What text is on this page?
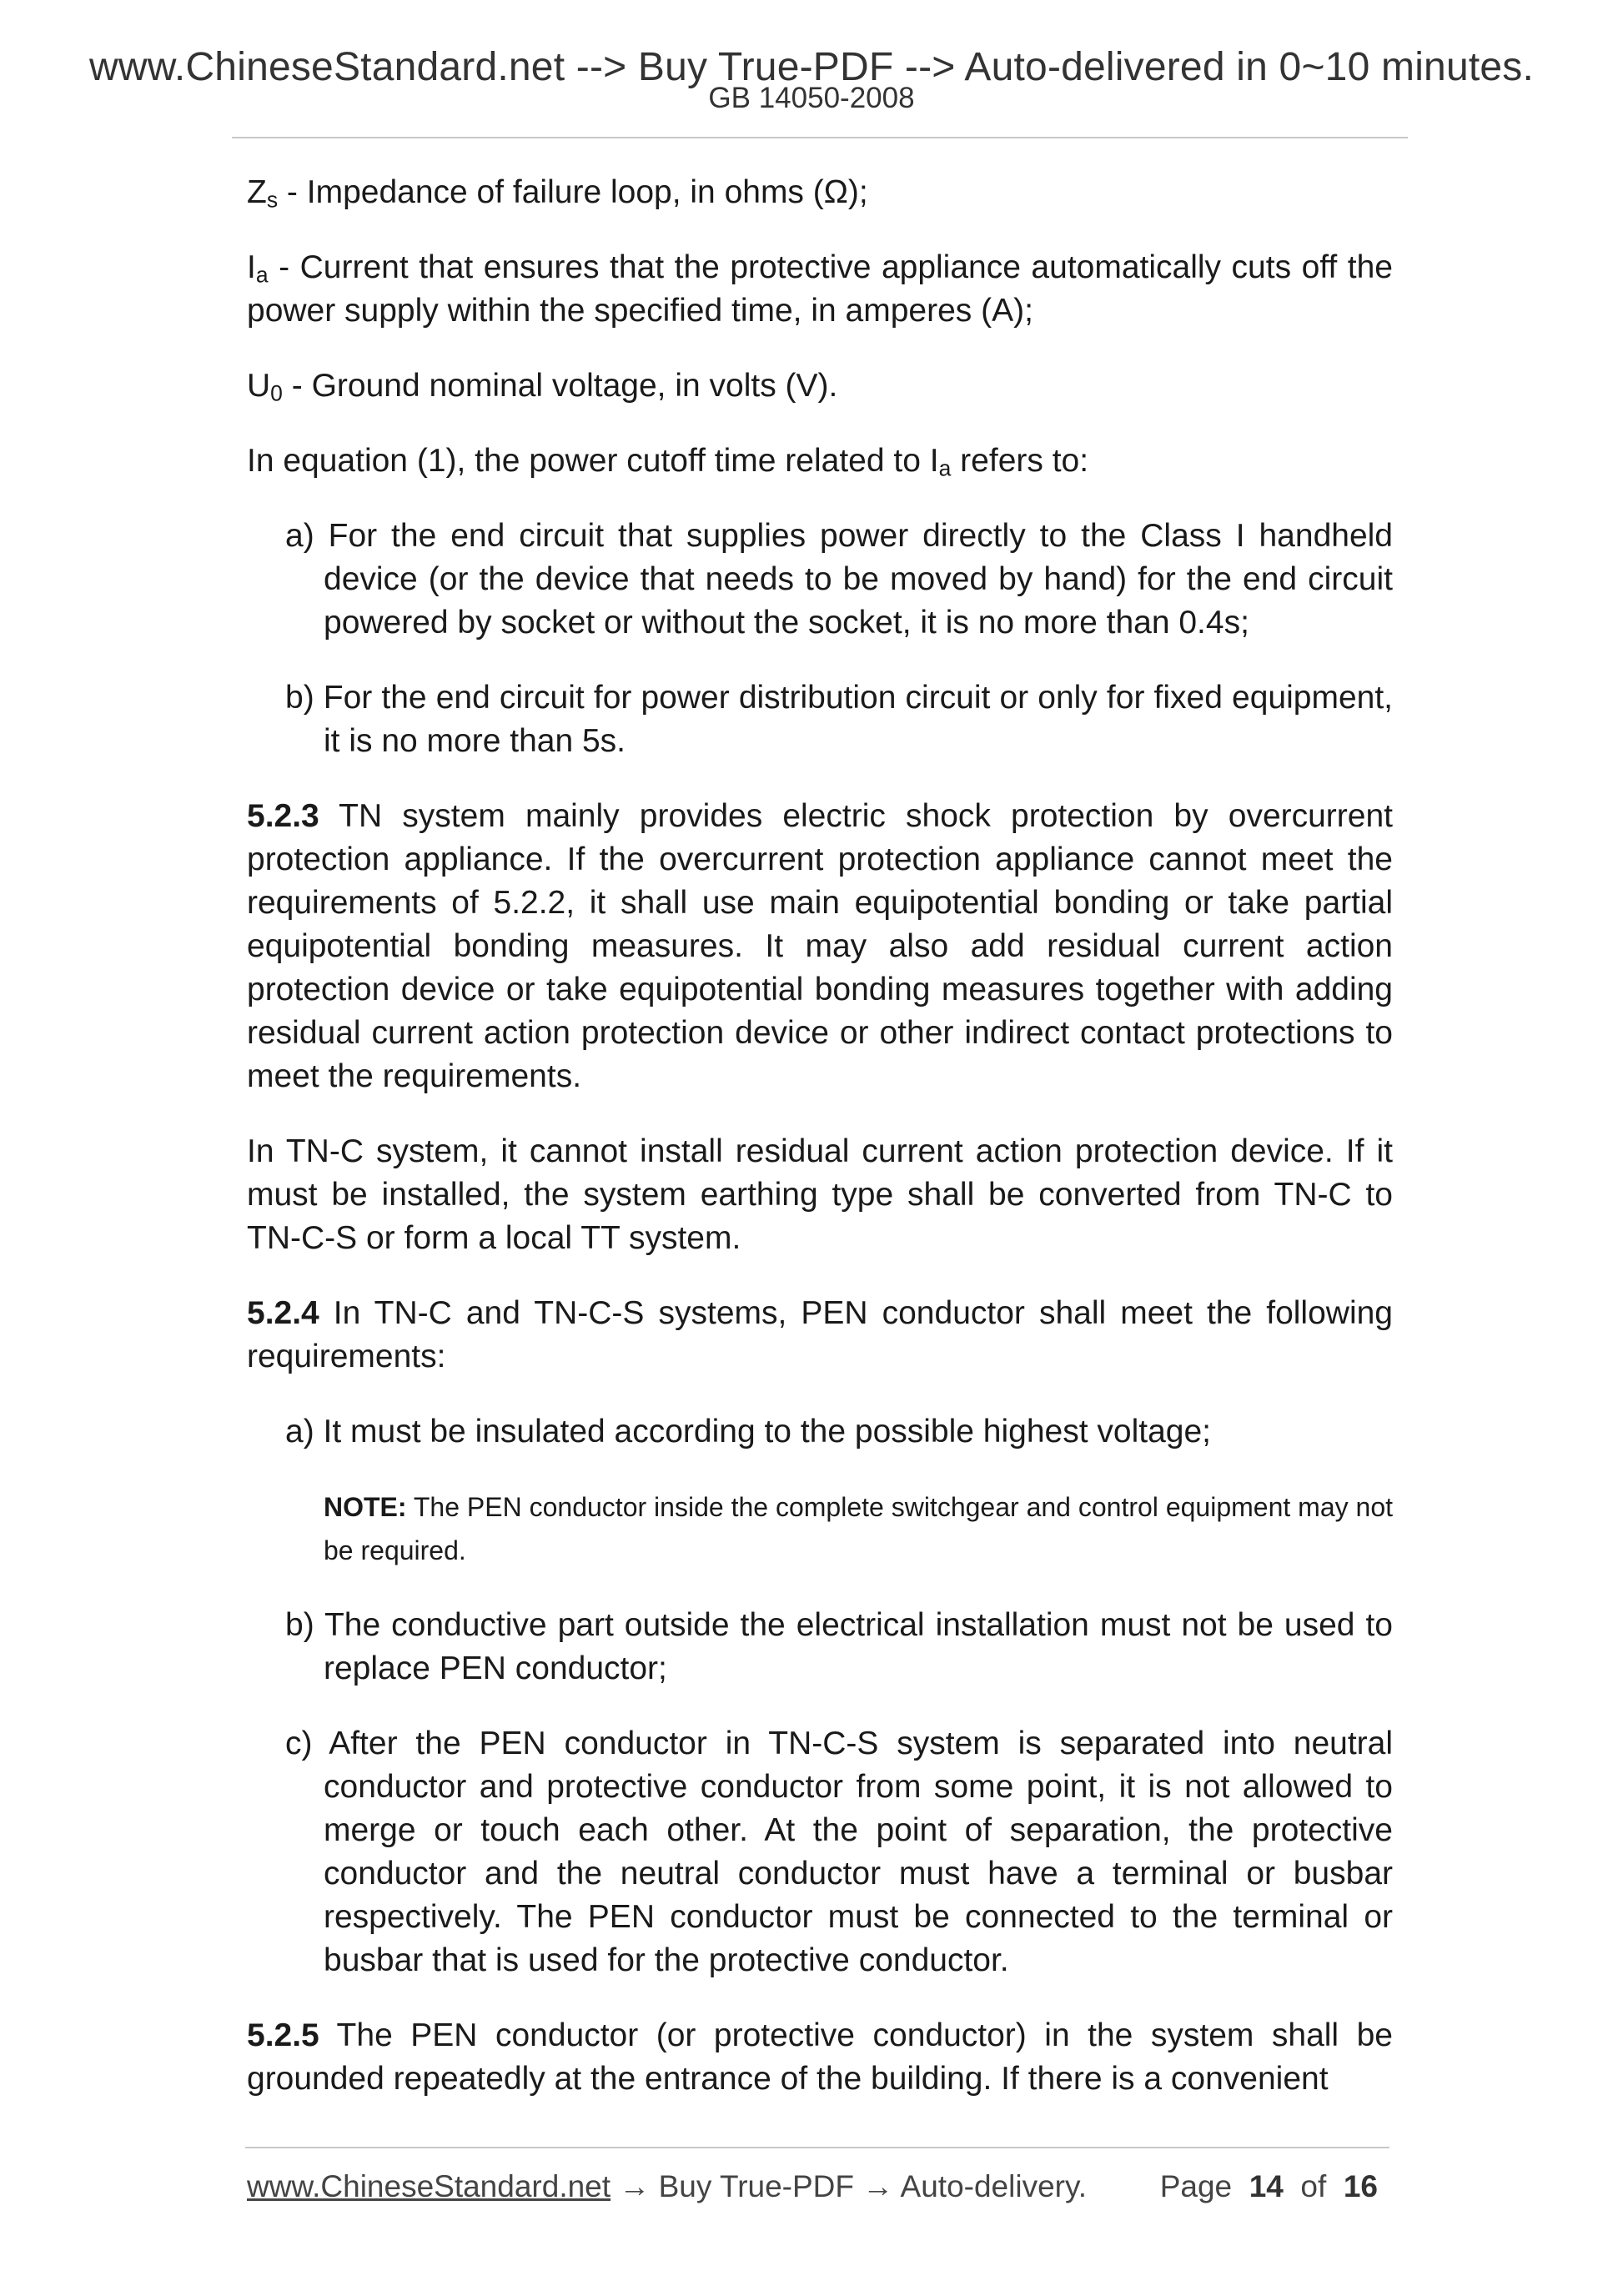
www.ChineseStandard.net --> Buy True-PDF --> Auto-delivered in 0~10 minutes.
GB 14050-2008

$Z_s$ - Impedance of failure loop, in ohms (Ω);

$I_a$ - Current that ensures that the protective appliance automatically cuts off the power supply within the specified time, in amperes (A);

$U_0$ - Ground nominal voltage, in volts (V).

In equation (1), the power cutoff time related to $I_a$ refers to:

a) For the end circuit that supplies power directly to the Class I handheld device (or the device that needs to be moved by hand) for the end circuit powered by socket or without the socket, it is no more than 0.4s;

b) For the end circuit for power distribution circuit or only for fixed equipment, it is no more than 5s.

5.2.3 TN system mainly provides electric shock protection by overcurrent protection appliance. If the overcurrent protection appliance cannot meet the requirements of 5.2.2, it shall use main equipotential bonding or take partial equipotential bonding measures. It may also add residual current action protection device or take equipotential bonding measures together with adding residual current action protection device or other indirect contact protections to meet the requirements.

In TN-C system, it cannot install residual current action protection device. If it must be installed, the system earthing type shall be converted from TN-C to TN-C-S or form a local TT system.

5.2.4 In TN-C and TN-C-S systems, PEN conductor shall meet the following requirements:

a) It must be insulated according to the possible highest voltage;

NOTE: The PEN conductor inside the complete switchgear and control equipment may not be required.

b) The conductive part outside the electrical installation must not be used to replace PEN conductor;

c) After the PEN conductor in TN-C-S system is separated into neutral conductor and protective conductor from some point, it is not allowed to merge or touch each other. At the point of separation, the protective conductor and the neutral conductor must have a terminal or busbar respectively. The PEN conductor must be connected to the terminal or busbar that is used for the protective conductor.

5.2.5 The PEN conductor (or protective conductor) in the system shall be grounded repeatedly at the entrance of the building. If there is a convenient

www.ChineseStandard.net → Buy True-PDF → Auto-delivery. Page 14 of 16
